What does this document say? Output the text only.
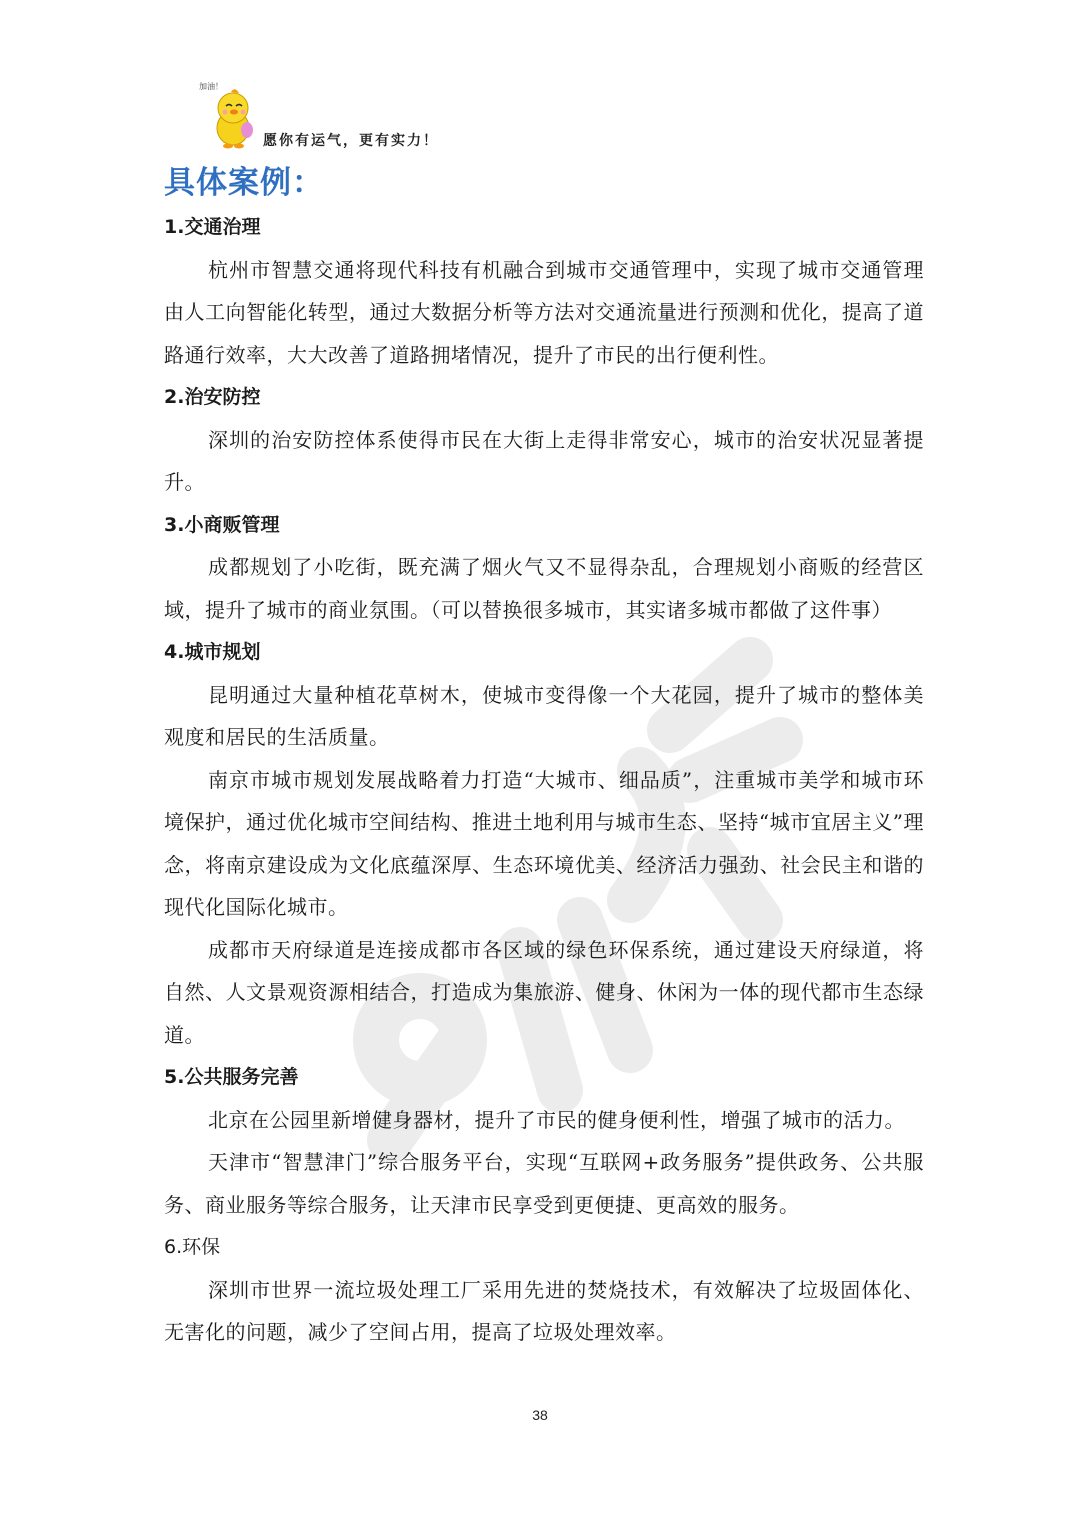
加油！
愿你有运气，更有实力！
具体案例：

1.交通治理

杭州市智慧交通将现代科技有机融合到城市交通管理中，实现了城市交通管理由人工向智能化转型，通过大数据分析等方法对交通流量进行预测和优化，提高了道路通行效率，大大改善了道路拥堵情况，提升了市民的出行便利性。

2.治安防控

深圳的治安防控体系使得市民在大街上走得非常安心，城市的治安状况显著提升。

3.小商贩管理

成都规划了小吃街，既充满了烟火气又不显得杂乱，合理规划小商贩的经营区域，提升了城市的商业氛围。（可以替换很多城市，其实诸多城市都做了这件事）

4.城市规划

昆明通过大量种植花草树木，使城市变得像一个大花园，提升了城市的整体美观度和居民的生活质量。

南京市城市规划发展战略着力打造“大城市、细品质”，注重城市美学和城市环境保护，通过优化城市空间结构、推进土地利用与城市生态、坚持“城市宜居主义”理念，将南京建设成为文化底蕴深厚、生态环境优美、经济活力强劲、社会民主和谐的现代化国际化城市。

成都市天府绿道是连接成都市各区域的绿色环保系统，通过建设天府绿道，将自然、人文景观资源相结合，打造成为集旅游、健身、休闲为一体的现代都市生态绿道。

5.公共服务完善

北京在公园里新增健身器材，提升了市民的健身便利性，增强了城市的活力。

天津市“智慧津门”综合服务平台，实现“互联网+政务服务”提供政务、公共服务、商业服务等综合服务，让天津市民享受到更便捷、更高效的服务。

6.环保

深圳市世界一流垃圾处理工厂采用先进的焚烧技术，有效解决了垃圾固体化、无害化的问题，减少了空间占用，提高了垃圾处理效率。

38
